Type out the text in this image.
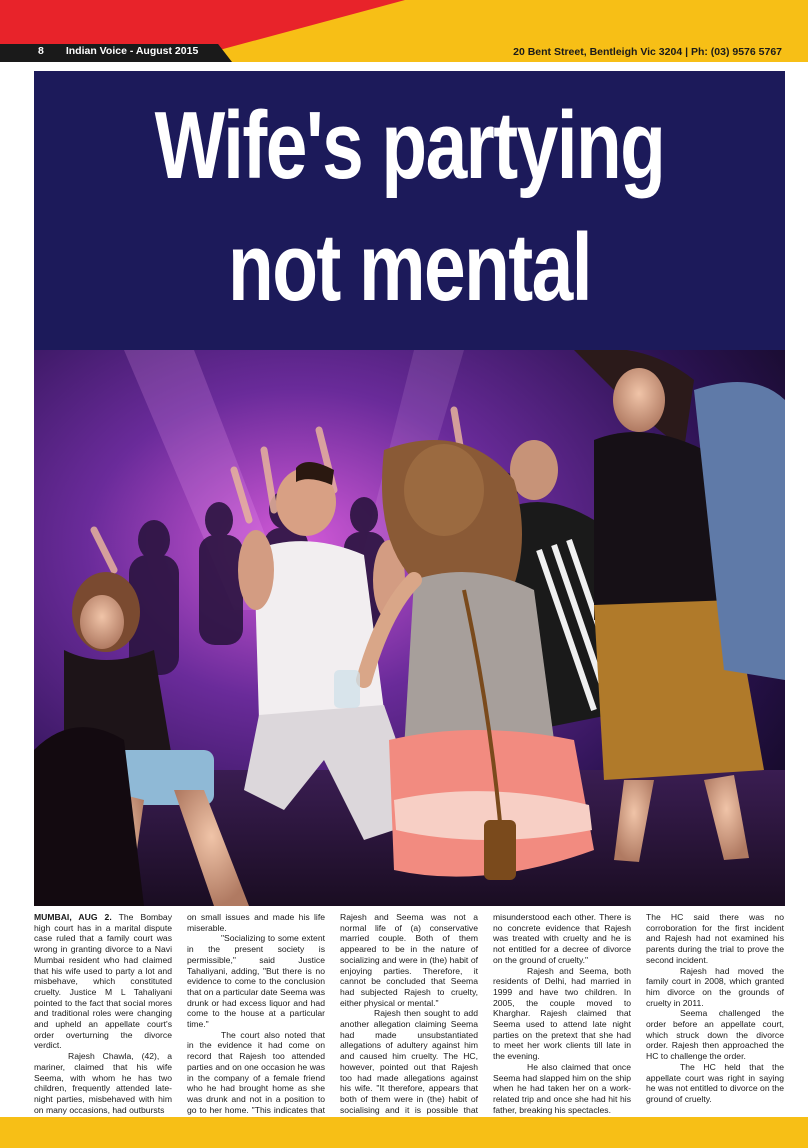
8 Indian Voice - August 2015	20 Bent Street, Bentleigh Vic 3204 | Ph: (03) 9576 5767
Wife's partying
not mental

MUMBAI, AUG 2. The Bombay high court has in a marital dispute case ruled that a family court was wrong in granting divorce to a Navi Mumbai resident who had claimed that his wife used to party a lot and misbehave, which constituted cruelty. Justice M L Tahaliyani pointed to the fact that social mores and traditional roles were changing and upheld an appellate court's order overturning the divorce verdict.

Rajesh Chawla, (42), a mariner, claimed that his wife Seema, with whom he has two children, frequently attended late-night parties, misbehaved with him on many occasions, had outbursts

on small issues and made his life miserable.

"Socializing to some extent in the present society is permissible," said Justice Tahaliyani, adding, "But there is no evidence to come to the conclusion that on a particular date Seema was drunk or had excess liquor and had come to the house at a particular time."

The court also noted that in the evidence it had come on record that Rajesh too attended parties and on one occasion he was in the company of a female friend who he had brought home as she was drunk and not in a position to go to her home. "This indicates that

Rajesh and Seema was not a normal life of (a) conservative married couple. Both of them appeared to be in the nature of socializing and were in (the) habit of enjoying parties. Therefore, it cannot be concluded that Seema had subjected Rajesh to cruelty, either physical or mental."

Rajesh then sought to add another allegation claiming Seema had made unsubstantiated allegations of adultery against him and caused him cruelty. The HC, however, pointed out that Rajesh too had made allegations against his wife. "It therefore, appears that both of them were in (the) habit of socialising and it is possible that

misunderstood each other. There is no concrete evidence that Rajesh was treated with cruelty and he is not entitled for a decree of divorce on the ground of cruelty."

Rajesh and Seema, both residents of Delhi, had married in 1999 and have two children. In 2005, the couple moved to Kharghar. Rajesh claimed that Seema used to attend late night parties on the pretext that she had to meet her work clients till late in the evening.

He also claimed that once Seema had slapped him on the ship when he had taken her on a work-related trip and once she had hit his father, breaking his spectacles.

The HC said there was no corroboration for the first incident and Rajesh had not examined his parents during the trial to prove the second incident.

Rajesh had moved the family court in 2008, which granted him divorce on the grounds of cruelty in 2011.

Seema challenged the order before an appellate court, which struck down the divorce order. Rajesh then approached the HC to challenge the order.

The HC held that the appellate court was right in saying he was not entitled to divorce on the ground of cruelty.
